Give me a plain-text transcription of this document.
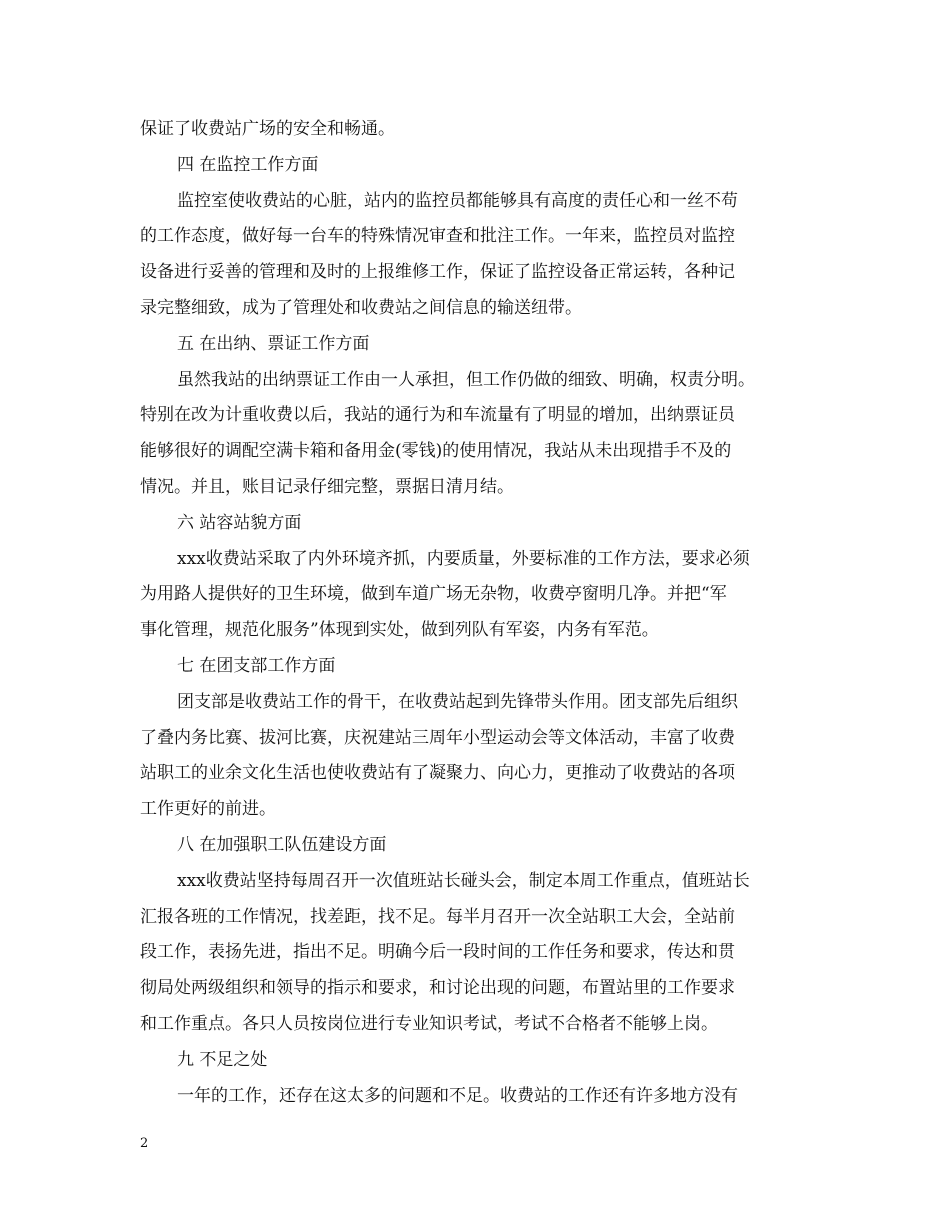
保证了收费站广场的安全和畅通。
四 在监控工作方面
监控室使收费站的心脏，站内的监控员都能够具有高度的责任心和一丝不苟
的工作态度，做好每一台车的特殊情况审查和批注工作。一年来，监控员对监控
设备进行妥善的管理和及时的上报维修工作，保证了监控设备正常运转，各种记
录完整细致，成为了管理处和收费站之间信息的输送纽带。
五 在出纳、票证工作方面
虽然我站的出纳票证工作由一人承担，但工作仍做的细致、明确，权责分明。
特别在改为计重收费以后，我站的通行为和车流量有了明显的增加，出纳票证员
能够很好的调配空满卡箱和备用金(零钱)的使用情况，我站从未出现措手不及的
情况。并且，账目记录仔细完整，票据日清月结。
六 站容站貌方面
xxx收费站采取了内外环境齐抓，内要质量，外要标准的工作方法，要求必须
为用路人提供好的卫生环境，做到车道广场无杂物，收费亭窗明几净。并把“军
事化管理，规范化服务”体现到实处，做到列队有军姿，内务有军范。
七 在团支部工作方面
团支部是收费站工作的骨干，在收费站起到先锋带头作用。团支部先后组织
了叠内务比赛、拔河比赛，庆祝建站三周年小型运动会等文体活动，丰富了收费
站职工的业余文化生活也使收费站有了凝聚力、向心力，更推动了收费站的各项
工作更好的前进。
八 在加强职工队伍建设方面
xxx收费站坚持每周召开一次值班站长碰头会，制定本周工作重点，值班站长
汇报各班的工作情况，找差距，找不足。每半月召开一次全站职工大会，全站前
段工作，表扬先进，指出不足。明确今后一段时间的工作任务和要求，传达和贯
彻局处两级组织和领导的指示和要求，和讨论出现的问题，布置站里的工作要求
和工作重点。各只人员按岗位进行专业知识考试，考试不合格者不能够上岗。
九 不足之处
一年的工作，还存在这太多的问题和不足。收费站的工作还有许多地方没有
2
